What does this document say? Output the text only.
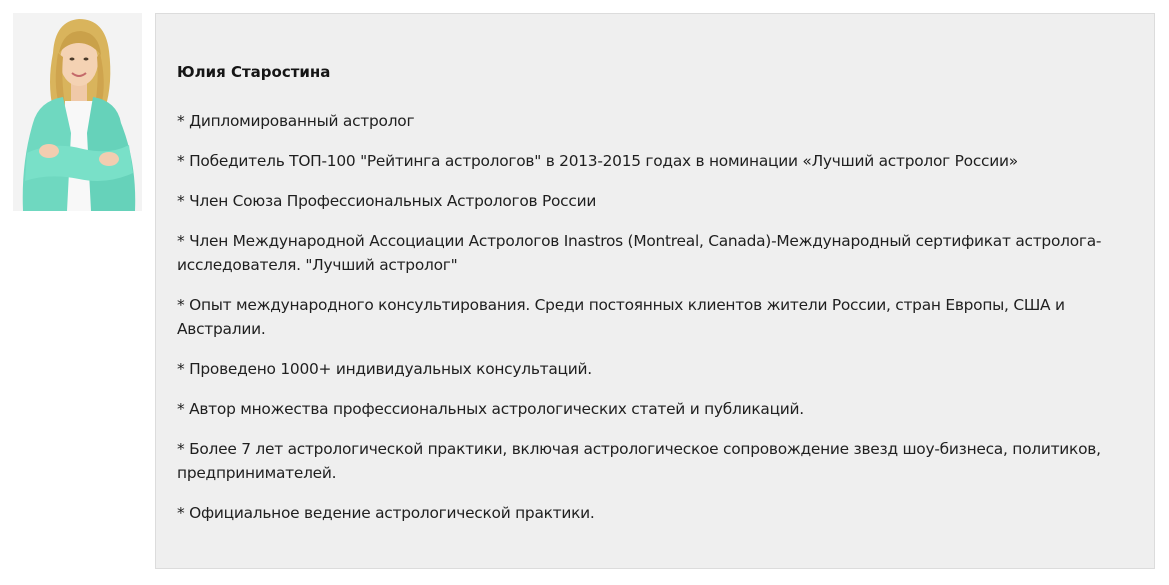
Юлия Старостина
* Дипломированный астролог
* Победитель ТОП-100 "Рейтинга астрологов" в 2013-2015 годах в номинации «Лучший астролог России»
* Член Союза Профессиональных Астрологов России
* Член Международной Ассоциации Астрологов Inastros (Montreal, Canada)-Международный сертификат астролога-исследователя. "Лучший астролог"
* Опыт международного консультирования. Среди постоянных клиентов жители России, стран Европы, США и Австралии.
* Проведено 1000+ индивидуальных консультаций.
* Автор множества профессиональных астрологических статей и публикаций.
* Более 7 лет астрологической практики, включая астрологическое сопровождение звезд шоу-бизнеса, политиков, предпринимателей.
* Официальное ведение астрологической практики.
